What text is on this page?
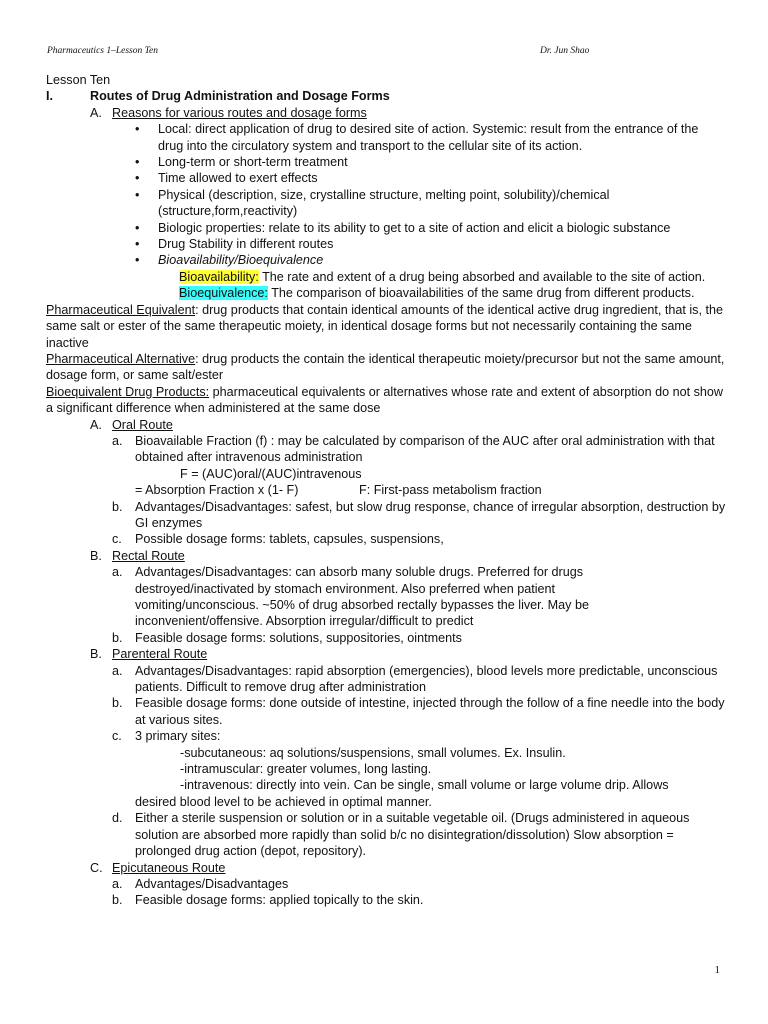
Pharmaceutics 1–Lesson Ten	Dr. Jun Shao
Lesson Ten
I.	Routes of Drug Administration and Dosage Forms
A. Reasons for various routes and dosage forms
• Local: direct application of drug to desired site of action. Systemic: result from the entrance of the drug into the circulatory system and transport to the cellular site of its action.
• Long-term or short-term treatment
• Time allowed to exert effects
• Physical (description, size, crystalline structure, melting point, solubility)/chemical (structure,form,reactivity)
• Biologic properties: relate to its ability to get to a site of action and elicit a biologic substance
• Drug Stability in different routes
• Bioavailability/Bioequivalence
Bioavailability: The rate and extent of a drug being absorbed and available to the site of action.
Bioequivalence: The comparison of bioavailabilities of the same drug from different products.
Pharmaceutical Equivalent: drug products that contain identical amounts of the identical active drug ingredient, that is, the same salt or ester of the same therapeutic moiety, in identical dosage forms but not necessarily containing the same inactive
Pharmaceutical Alternative: drug products the contain the identical therapeutic moiety/precursor but not the same amount, dosage form, or same salt/ester
Bioequivalent Drug Products: pharmaceutical equivalents or alternatives whose rate and extent of absorption do not show a significant difference when administered at the same dose
A. Oral Route
a. Bioavailable Fraction (f) : may be calculated by comparison of the AUC after oral administration with that obtained after intravenous administration
F = (AUC)oral/(AUC)intravenous
= Absorption Fraction x (1- F)	F: First-pass metabolism fraction
b. Advantages/Disadvantages: safest, but slow drug response, chance of irregular absorption, destruction by GI enzymes
c. Possible dosage forms: tablets, capsules, suspensions,
B. Rectal Route
a. Advantages/Disadvantages: can absorb many soluble drugs. Preferred for drugs destroyed/inactivated by stomach environment. Also preferred when patient vomiting/unconscious. ~50% of drug absorbed rectally bypasses the liver. May be inconvenient/offensive. Absorption irregular/difficult to predict
b. Feasible dosage forms: solutions, suppositories, ointments
B. Parenteral Route
a. Advantages/Disadvantages: rapid absorption (emergencies), blood levels more predictable, unconscious patients. Difficult to remove drug after administration
b. Feasible dosage forms: done outside of intestine, injected through the follow of a fine needle into the body at various sites.
c. 3 primary sites:
-subcutaneous: aq solutions/suspensions, small volumes. Ex. Insulin.
-intramuscular: greater volumes, long lasting.
-intravenous: directly into vein. Can be single, small volume or large volume drip. Allows
desired blood level to be achieved in optimal manner.
d. Either a sterile suspension or solution or in a suitable vegetable oil. (Drugs administered in aqueous solution are absorbed more rapidly than solid b/c no disintegration/dissolution) Slow absorption = prolonged drug action (depot, repository).
C. Epicutaneous Route
a. Advantages/Disadvantages
b. Feasible dosage forms: applied topically to the skin.
1
